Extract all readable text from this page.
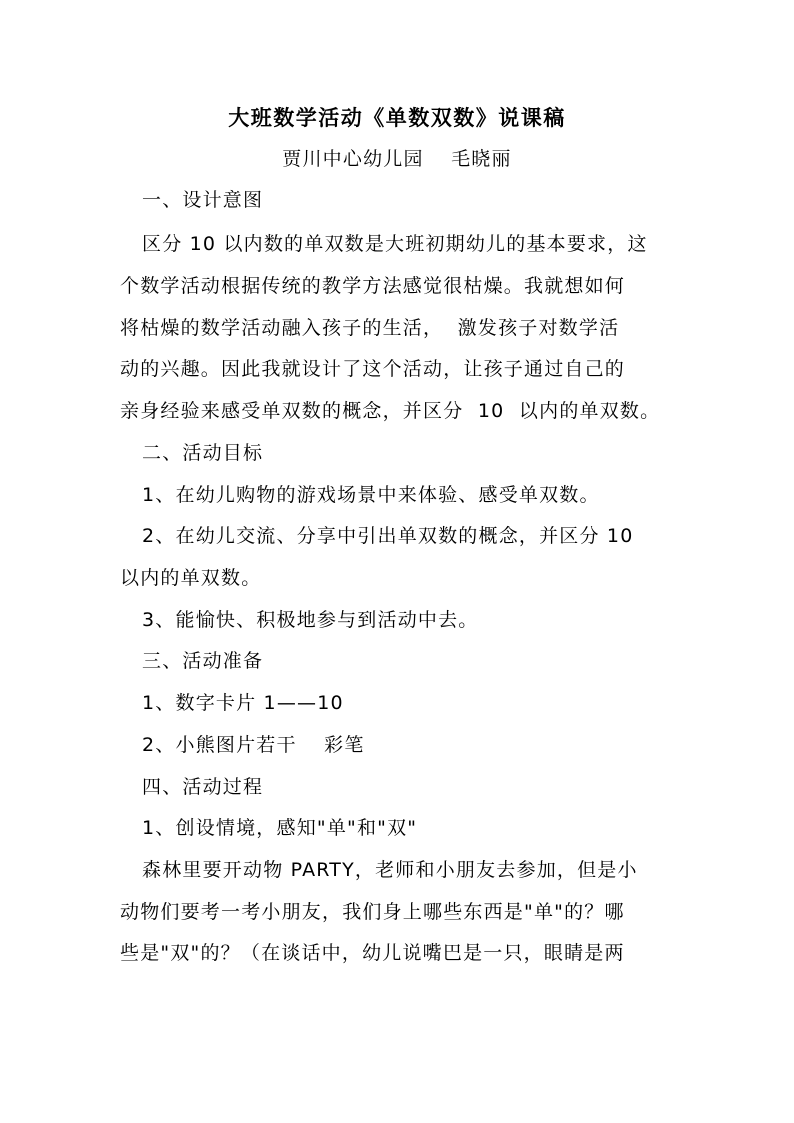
大班数学活动《单数双数》说课稿
贾川中心幼儿园　 毛晓丽
一、设计意图
区分 10 以内数的单双数是大班初期幼儿的基本要求，这
个数学活动根据传统的教学方法感觉很枯燥。我就想如何
将枯燥的数学活动融入孩子的生活，  激发孩子对数学活
动的兴趣。因此我就设计了这个活动，让孩子通过自己的
亲身经验来感受单双数的概念，并区分  10  以内的单双数。
二、活动目标
1、在幼儿购物的游戏场景中来体验、感受单双数。
2、在幼儿交流、分享中引出单双数的概念，并区分 10
以内的单双数。
3、能愉快、积极地参与到活动中去。
三、活动准备
1、数字卡片 1——10
2、小熊图片若干　 彩笔
四、活动过程
1、创设情境，感知"单"和"双"
森林里要开动物 PARTY，老师和小朋友去参加，但是小
动物们要考一考小朋友，我们身上哪些东西是"单"的？哪
些是"双"的？（在谈话中，幼儿说嘴巴是一只，眼睛是两
